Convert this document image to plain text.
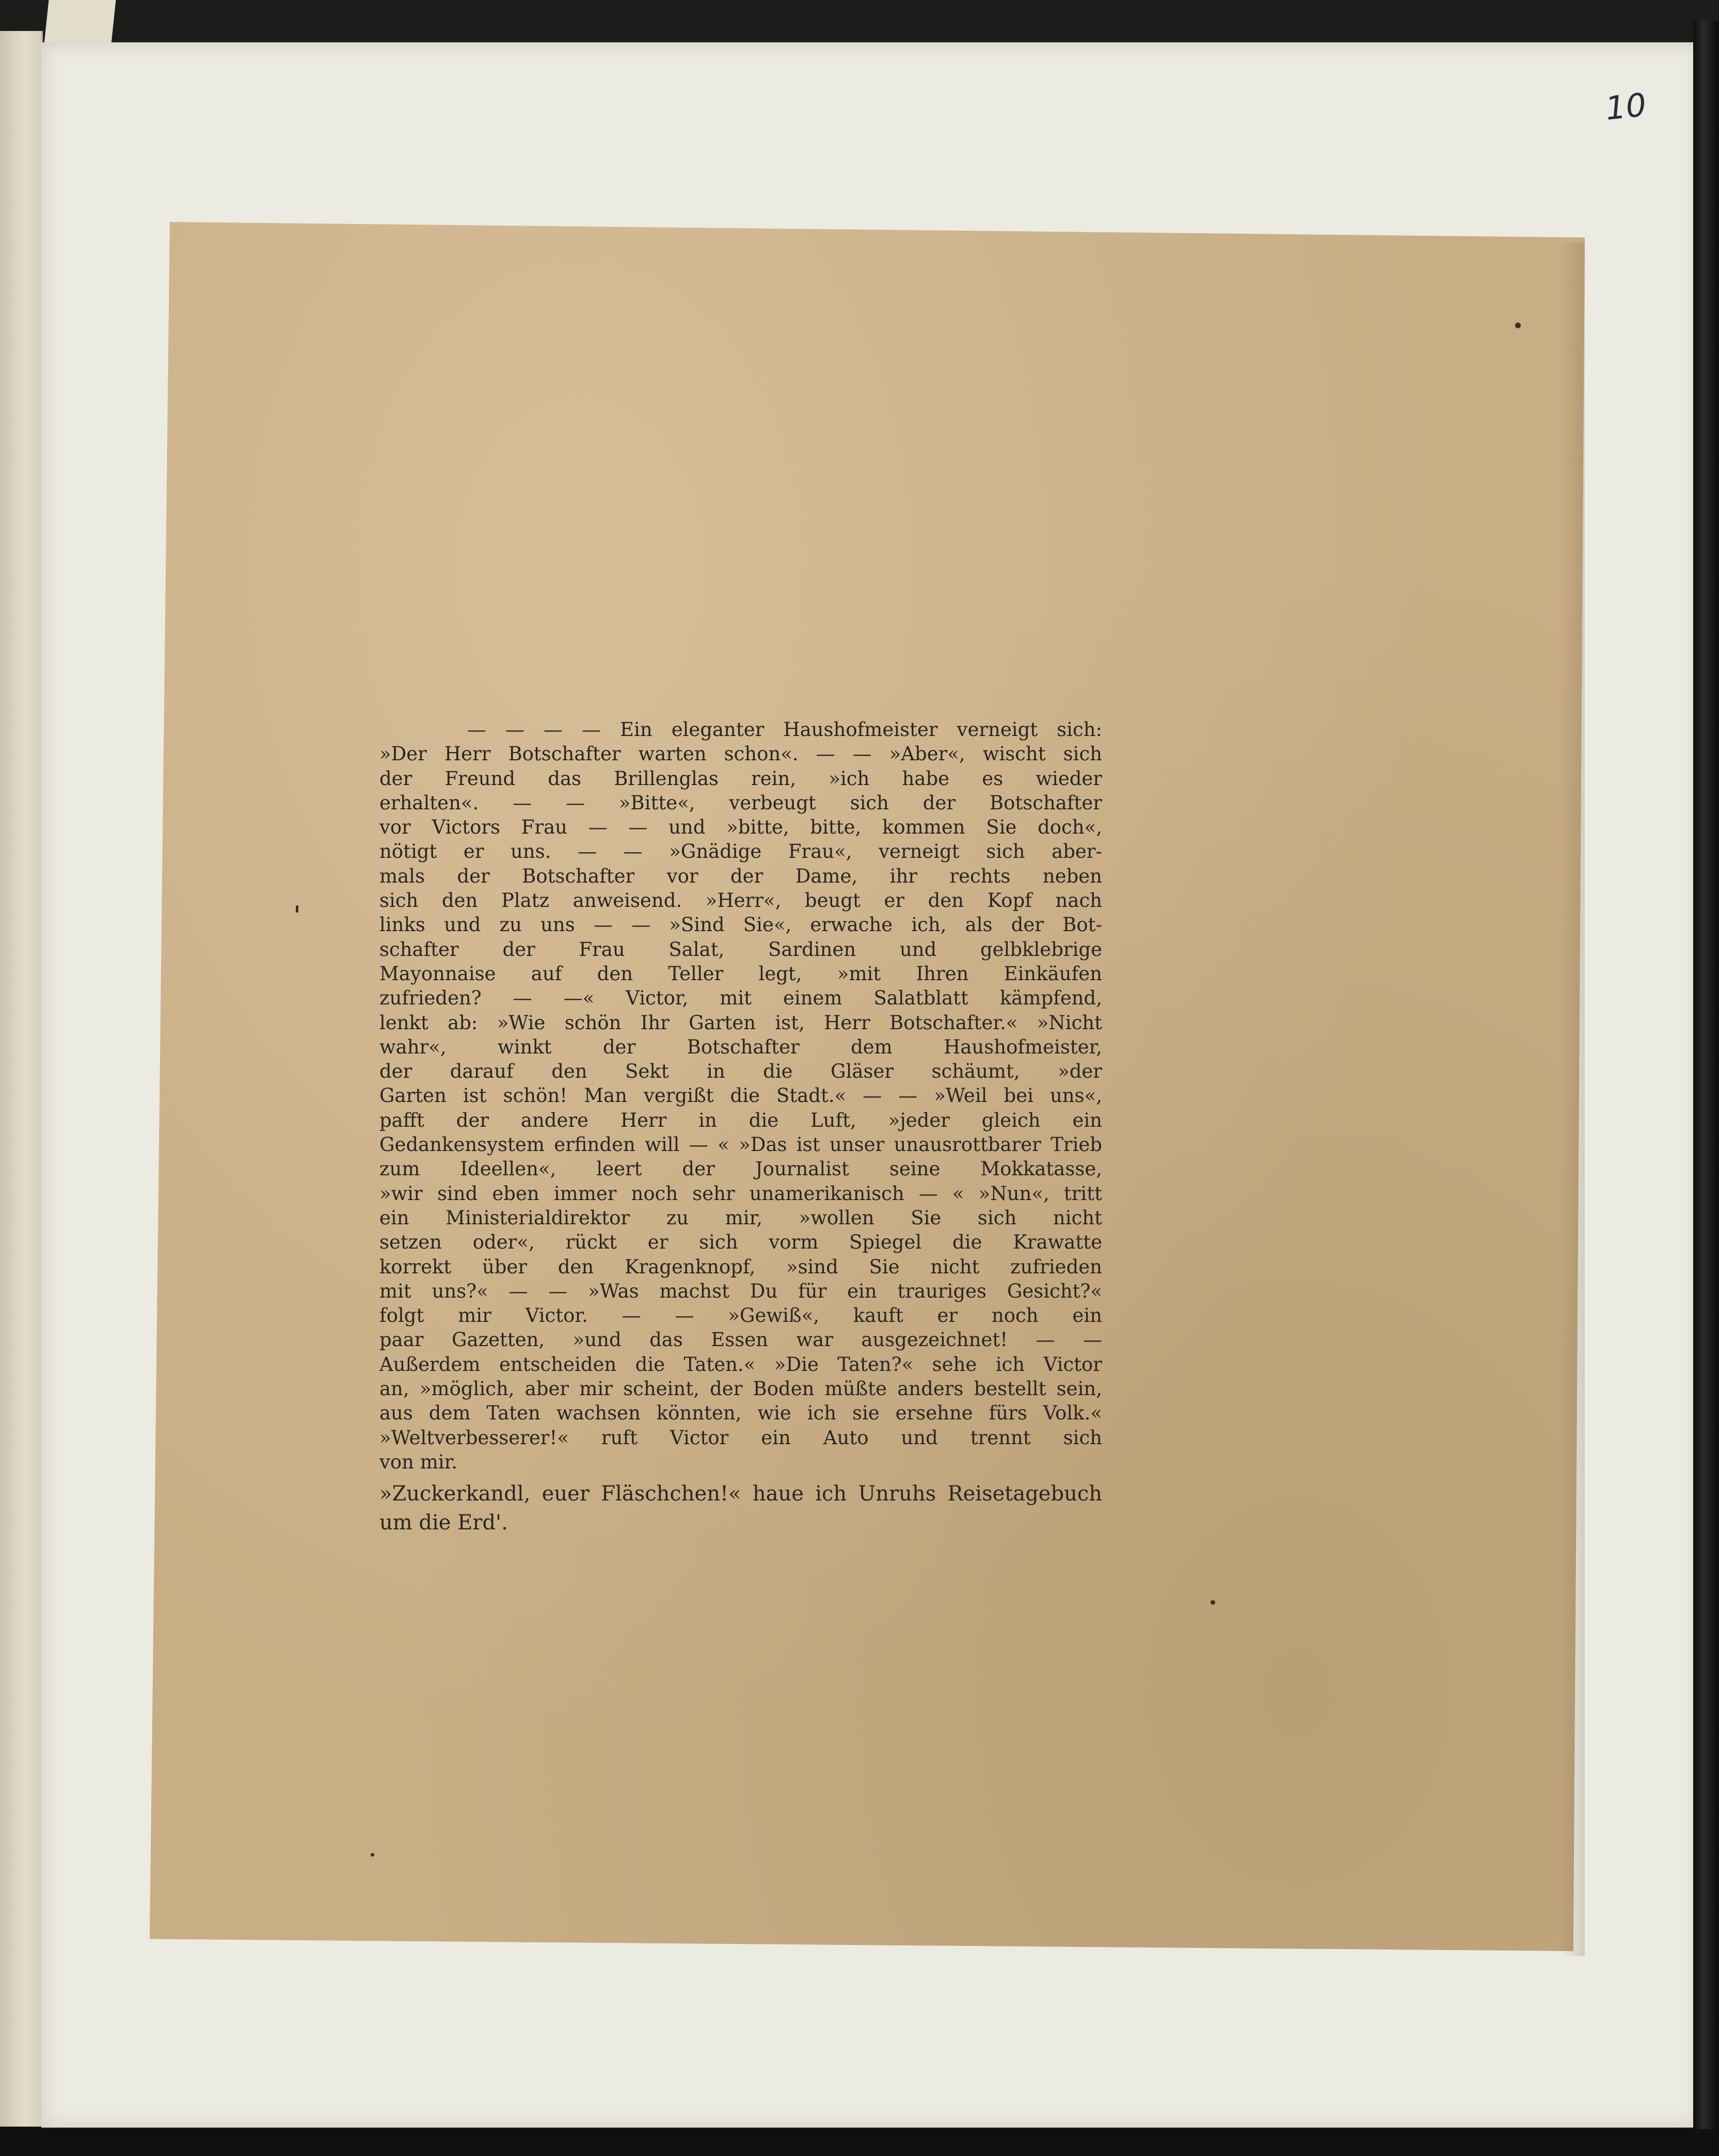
10
— — — — Ein eleganter Haushofmeister verneigt sich:
»Der Herr Botschafter warten schon«. — — »Aber«, wischt sich
der Freund das Brillenglas rein, »ich habe es wieder
erhalten«. — — »Bitte«, verbeugt sich der Botschafter
vor Victors Frau — — und »bitte, bitte, kommen Sie doch«,
nötigt er uns. — — »Gnädige Frau«, verneigt sich aber-
mals der Botschafter vor der Dame, ihr rechts neben
sich den Platz anweisend. »Herr«, beugt er den Kopf nach
links und zu uns — — »Sind Sie«, erwache ich, als der Bot-
schafter der Frau Salat, Sardinen und gelbklebrige
Mayonnaise auf den Teller legt, »mit Ihren Einkäufen
zufrieden? — —« Victor, mit einem Salatblatt kämpfend,
lenkt ab: »Wie schön Ihr Garten ist, Herr Botschafter.« »Nicht
wahr«, winkt der Botschafter dem Haushofmeister,
der darauf den Sekt in die Gläser schäumt, »der
Garten ist schön! Man vergißt die Stadt.« — — »Weil bei uns«,
pafft der andere Herr in die Luft, »jeder gleich ein
Gedankensystem erfinden will — « »Das ist unser unausrottbarer Trieb
zum Ideellen«, leert der Journalist seine Mokkatasse,
»wir sind eben immer noch sehr unamerikanisch — « »Nun«, tritt
ein Ministerialdirektor zu mir, »wollen Sie sich nicht
setzen oder«, rückt er sich vorm Spiegel die Krawatte
korrekt über den Kragenknopf, »sind Sie nicht zufrieden
mit uns?« — — »Was machst Du für ein trauriges Gesicht?«
folgt mir Victor. — — »Gewiß«, kauft er noch ein
paar Gazetten, »und das Essen war ausgezeichnet! — —
Außerdem entscheiden die Taten.« »Die Taten?« sehe ich Victor
an, »möglich, aber mir scheint, der Boden müßte anders bestellt sein,
aus dem Taten wachsen könnten, wie ich sie ersehne fürs Volk.«
»Weltverbesserer!« ruft Victor ein Auto und trennt sich
von mir.
»Zuckerkandl, euer Fläschchen!« haue ich Unruhs Reisetagebuch
um die Erd'.
